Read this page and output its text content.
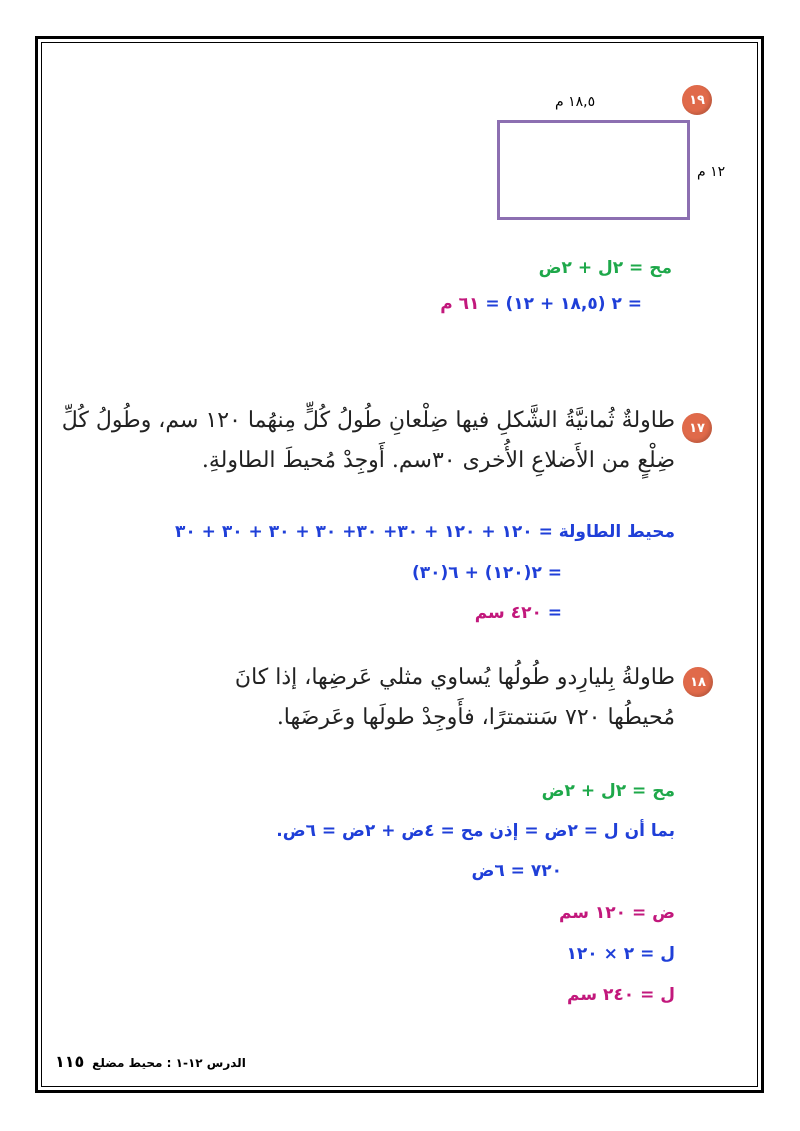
١٩
١٨,٥ م
١٢ م
مح = ٢ل + ٢ض
= ٢ (١٨,٥ + ١٢) = ٦١ م
١٧
طاولةٌ ثُمانيَّةُ الشَّكلِ فيها ضِلْعانِ طُولُ كُلٍّ مِنهُما ١٢٠ سم، وطُولُ كُلِّ
ضِلْعٍ من الأَضلاعِ الأُخرى ٣٠سم. أَوجِدْ مُحيطَ الطاولةِ.
محيط الطاولة = ١٢٠ + ١٢٠ + ٣٠+ ٣٠+ ٣٠ + ٣٠ + ٣٠ + ٣٠
= ٢(١٢٠) + ٦(٣٠)
= ٤٢٠ سم
١٨
طاولةُ بِليارِدو طُولُها يُساوي مثلي عَرضِها، إذا كانَ
مُحيطُها ٧٢٠ سَنتمترًا، فأَوجِدْ طولَها وعَرضَها.
مح = ٢ل + ٢ض
بما أن ل = ٢ض = إذن مح = ٤ض + ٢ض = ٦ض.
٧٢٠ = ٦ض
ض = ١٢٠ سم
ل = ٢ × ١٢٠
ل = ٢٤٠ سم
الدرس ١٢-١ : محيط مضلع ١١٥
